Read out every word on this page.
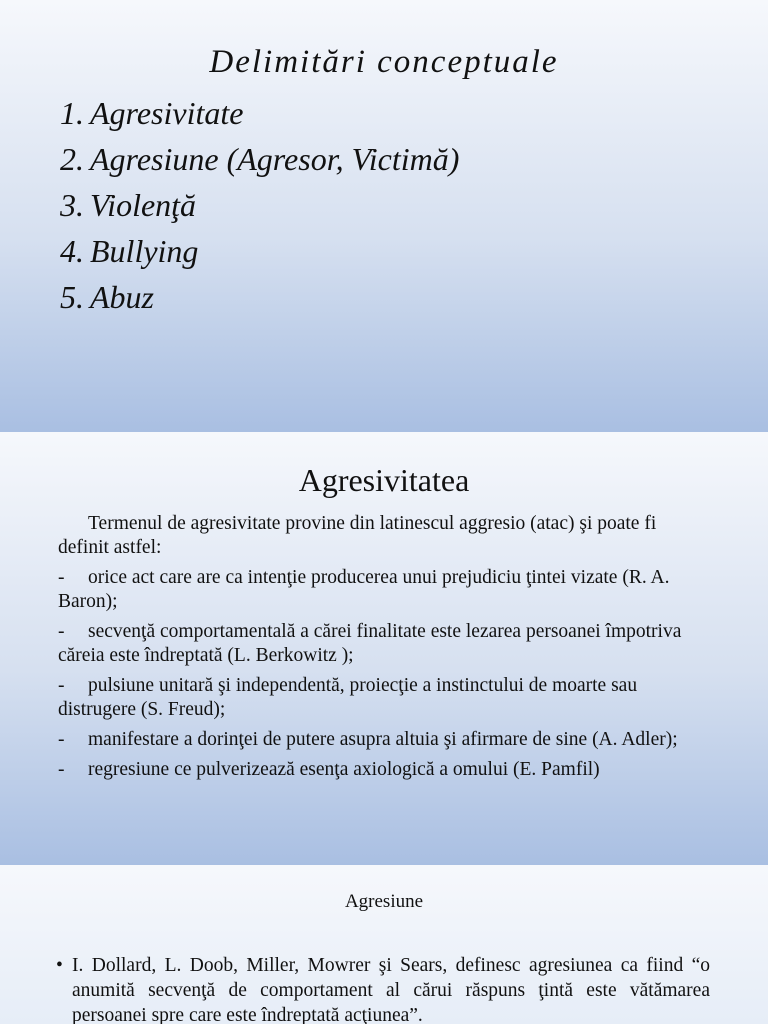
Delimitări conceptuale
1. Agresivitate
2. Agresiune (Agresor, Victimă)
3. Violenţă
4. Bullying
5. Abuz
Agresivitatea

Termenul de agresivitate provine din latinescul aggresio (atac) şi poate fi definit astfel:

- orice act care are ca intenţie producerea unui prejudiciu ţintei vizate (R. A. Baron);

- secvenţă comportamentală a cărei finalitate este lezarea persoanei împotriva căreia este îndreptată (L. Berkowitz );

- pulsiune unitară şi independentă, proiecţie a instinctului de moarte sau distrugere (S. Freud);

- manifestare a dorinţei de putere asupra altuia şi afirmare de sine (A. Adler);

- regresiune ce pulverizează esenţa axiologică a omului (E. Pamfil)

Agresiune
• I. Dollard, L. Doob, Miller, Mowrer şi Sears, definesc agresiunea ca fiind “o anumită secvenţă de comportament al cărui răspuns ţintă este vătămarea persoanei spre care este îndreptată acţiunea”.
